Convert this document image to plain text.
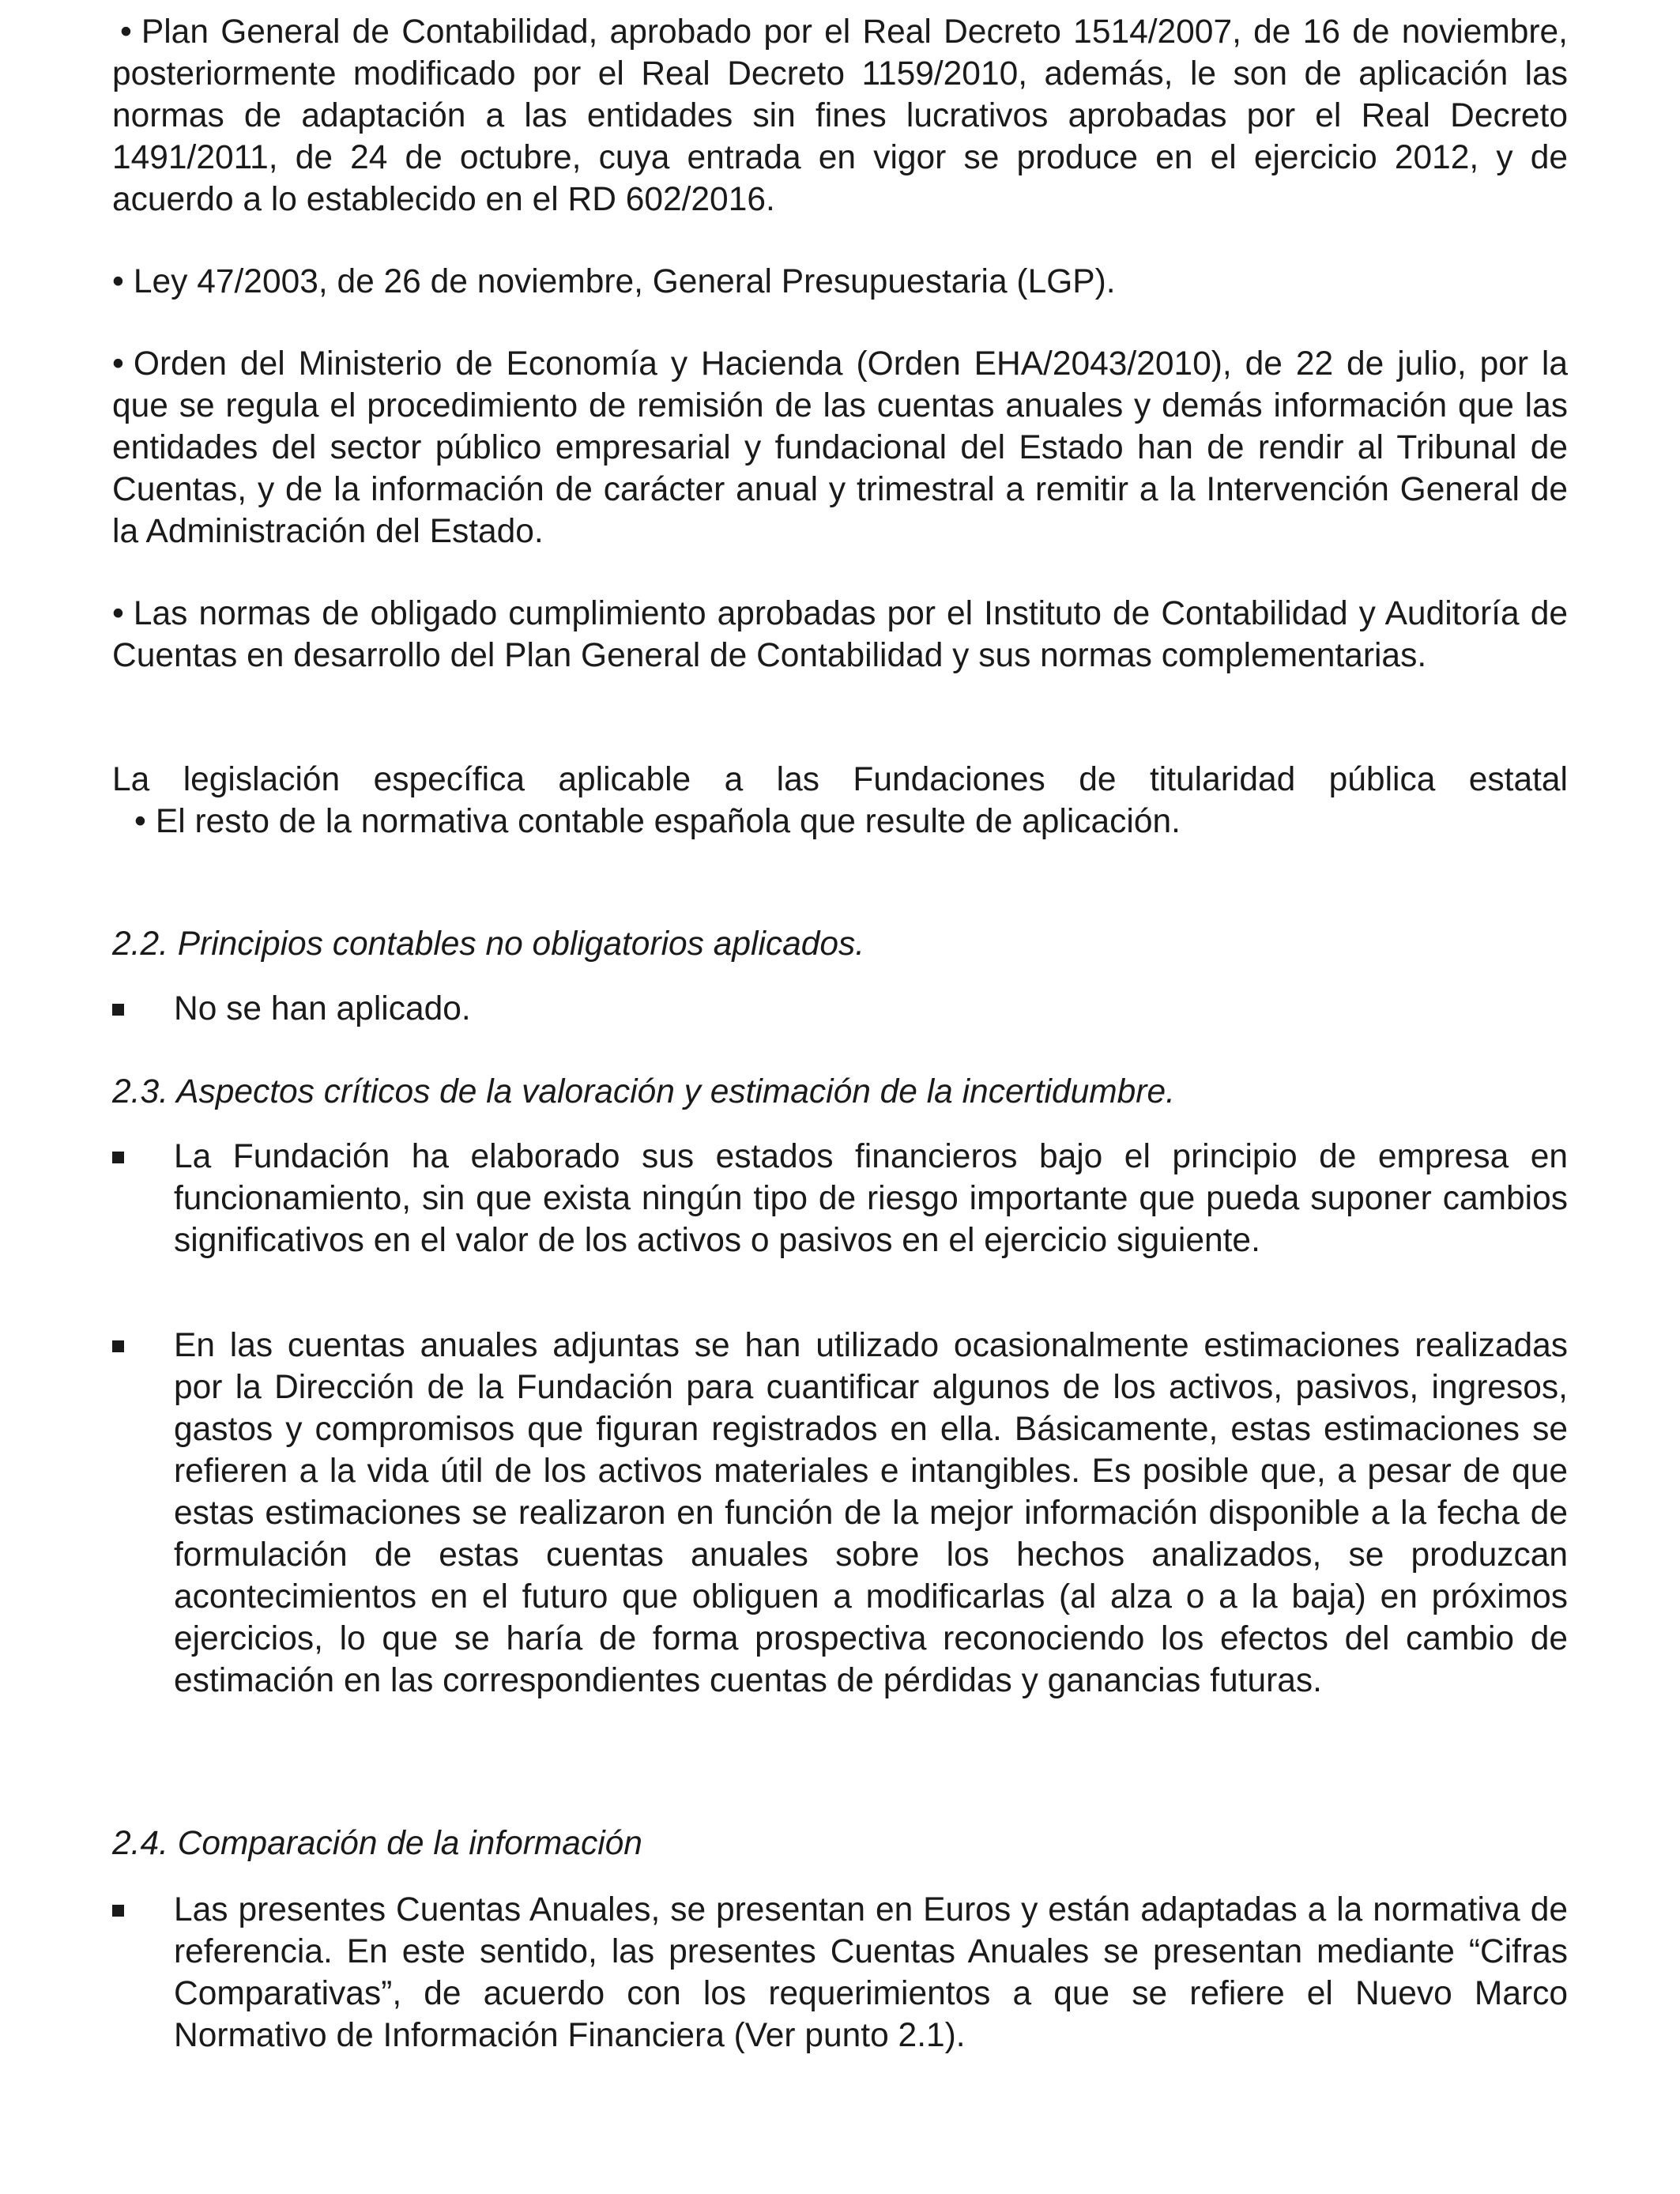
• Plan General de Contabilidad, aprobado por el Real Decreto 1514/2007, de 16 de noviembre, posteriormente modificado por el Real Decreto 1159/2010, además, le son de aplicación las normas de adaptación a las entidades sin fines lucrativos aprobadas por el Real Decreto 1491/2011, de 24 de octubre, cuya entrada en vigor se produce en el ejercicio 2012, y de acuerdo a lo establecido en el RD 602/2016.

• Ley 47/2003, de 26 de noviembre, General Presupuestaria (LGP).

• Orden del Ministerio de Economía y Hacienda (Orden EHA/2043/2010), de 22 de julio, por la que se regula el procedimiento de remisión de las cuentas anuales y demás información que las entidades del sector público empresarial y fundacional del Estado han de rendir al Tribunal de Cuentas, y de la información de carácter anual y trimestral a remitir a la Intervención General de la Administración del Estado.

• Las normas de obligado cumplimiento aprobadas por el Instituto de Contabilidad y Auditoría de Cuentas en desarrollo del Plan General de Contabilidad y sus normas complementarias.

La legislación específica aplicable a las Fundaciones de titularidad pública estatal

• El resto de la normativa contable española que resulte de aplicación.

2.2. Principios contables no obligatorios aplicados.

No se han aplicado.

2.3. Aspectos críticos de la valoración y estimación de la incertidumbre.

La Fundación ha elaborado sus estados financieros bajo el principio de empresa en funcionamiento, sin que exista ningún tipo de riesgo importante que pueda suponer cambios significativos en el valor de los activos o pasivos en el ejercicio siguiente.
En las cuentas anuales adjuntas se han utilizado ocasionalmente estimaciones realizadas por la Dirección de la Fundación para cuantificar algunos de los activos, pasivos, ingresos, gastos y compromisos que figuran registrados en ella. Básicamente, estas estimaciones se refieren a la vida útil de los activos materiales e intangibles. Es posible que, a pesar de que estas estimaciones se realizaron en función de la mejor información disponible a la fecha de formulación de estas cuentas anuales sobre los hechos analizados, se produzcan acontecimientos en el futuro que obliguen a modificarlas (al alza o a la baja) en próximos ejercicios, lo que se haría de forma prospectiva reconociendo los efectos del cambio de estimación en las correspondientes cuentas de pérdidas y ganancias futuras.

2.4. Comparación de la información

Las presentes Cuentas Anuales, se presentan en Euros y están adaptadas a la normativa de referencia. En este sentido, las presentes Cuentas Anuales se presentan mediante “Cifras Comparativas”, de acuerdo con los requerimientos a que se refiere el Nuevo Marco Normativo de Información Financiera (Ver punto 2.1).
